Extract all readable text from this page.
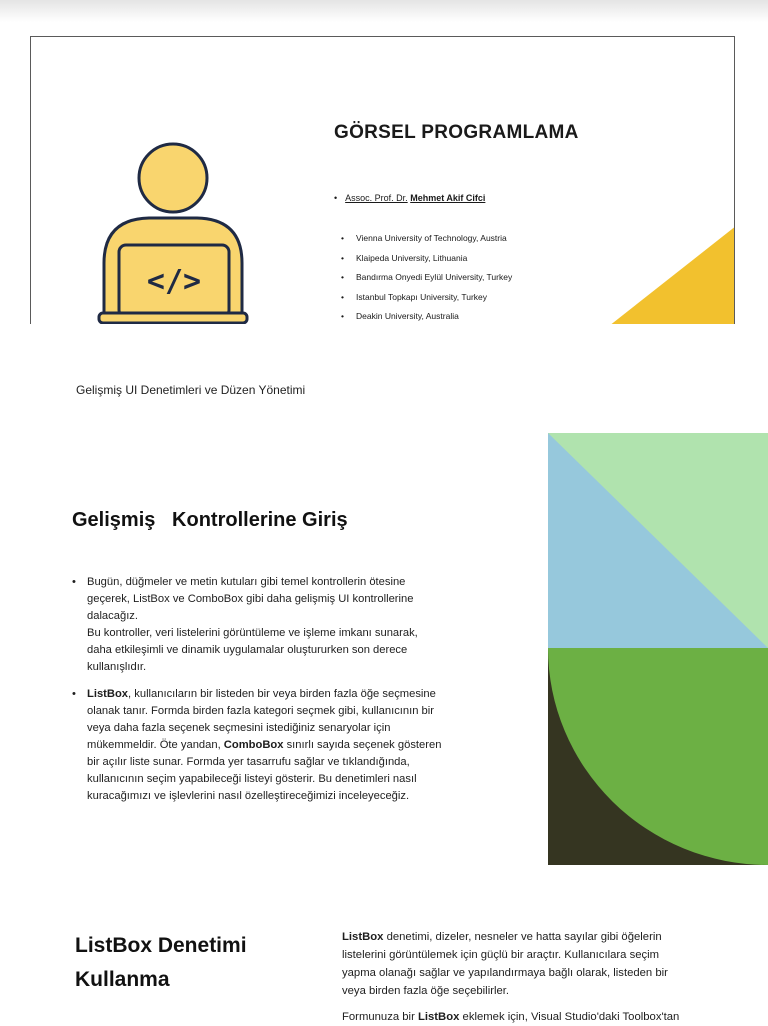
</>
GÖRSEL PROGRAMLAMA
• Assoc. Prof. Dr. Mehmet Akif Cifci
• Vienna University of Technology, Austria
• Klaipeda University, Lithuania
• Bandırma Onyedi Eylül University, Turkey
• Istanbul Topkapı University, Turkey
• Deakin University, Australia
Gelişmiş UI Denetimleri ve Düzen Yönetimi
Gelişmiş   Kontrollerine Giriş
• Bugün, düğmeler ve metin kutuları gibi temel kontrollerin ötesine
geçerek, ListBox ve ComboBox gibi daha gelişmiş UI kontrollerine
dalacağız.
Bu kontroller, veri listelerini görüntüleme ve işleme imkanı sunarak,
daha etkileşimli ve dinamik uygulamalar oluştururken son derece
kullanışlıdır.
• ListBox, kullanıcıların bir listeden bir veya birden fazla öğe seçmesine
olanak tanır. Formda birden fazla kategori seçmek gibi, kullanıcının bir
veya daha fazla seçenek seçmesini istediğiniz senaryolar için
mükemmeldir. Öte yandan, ComboBox sınırlı sayıda seçenek gösteren
bir açılır liste sunar. Formda yer tasarrufu sağlar ve tıklandığında,
kullanıcının seçim yapabileceği listeyi gösterir. Bu denetimleri nasıl
kuracağımızı ve işlevlerini nasıl özelleştireceğimizi inceleyeceğiz.
ListBox Denetimi
Kullanma
ListBox denetimi, dizeler, nesneler ve hatta sayılar gibi öğelerin
listelerini görüntülemek için güçlü bir araçtır. Kullanıcılara seçim
yapma olanağı sağlar ve yapılandırmaya bağlı olarak, listeden bir
veya birden fazla öğe seçebilirler.
Formunuza bir ListBox eklemek için, Visual Studio'daki Toolbox'tan
